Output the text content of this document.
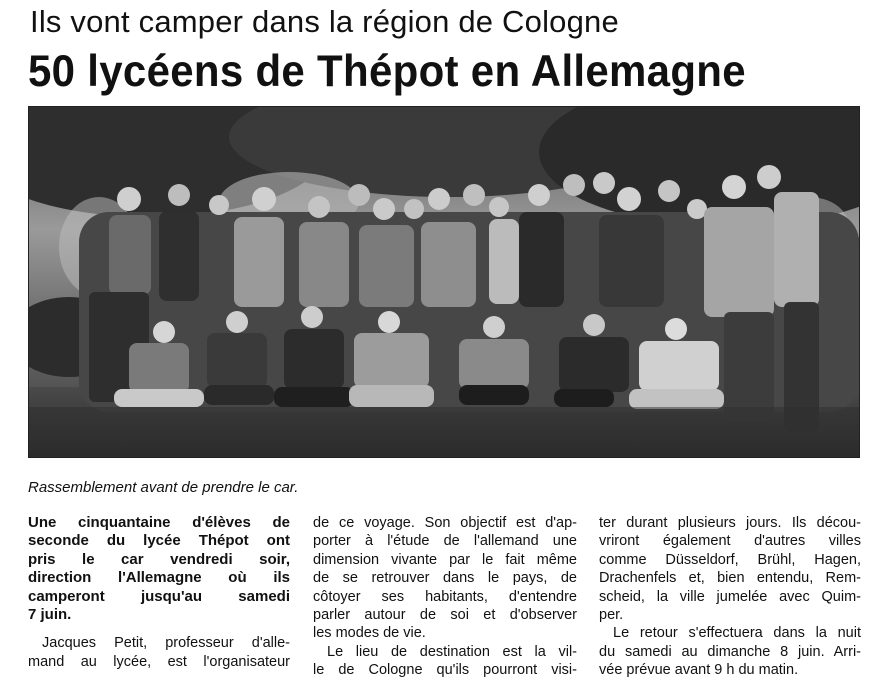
Ils vont camper dans la région de Cologne
50 lycéens de Thépot en Allemagne

Rassemblement avant de prendre le car.

Une cinquantaine d'élèves de
seconde du lycée Thépot ont
pris le car vendredi soir,
direction l'Allemagne où ils
camperont jusqu'au samedi
7 juin.
Jacques Petit, professeur d'alle-
mand au lycée, est l'organisateur
de ce voyage. Son objectif est d'ap-
porter à l'étude de l'allemand une
dimension vivante par le fait même
de se retrouver dans le pays, de
côtoyer ses habitants, d'entendre
parler autour de soi et d'observer
les modes de vie.
Le lieu de destination est la vil-
le de Cologne qu'ils pourront visi-
ter durant plusieurs jours. Ils décou-
vriront également d'autres villes
comme Düsseldorf, Brühl, Hagen,
Drachenfels et, bien entendu, Rem-
scheid, la ville jumelée avec Quim-
per.
Le retour s'effectuera dans la nuit
du samedi au dimanche 8 juin. Arri-
vée prévue avant 9 h du matin.
